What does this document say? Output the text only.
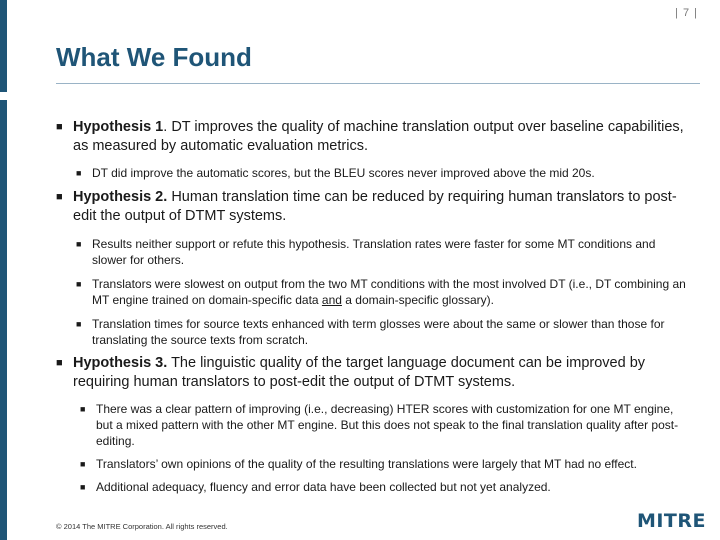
| 7 |
What We Found
■ Hypothesis 1. DT improves the quality of machine translation output over baseline capabilities, as measured by automatic evaluation metrics.
■ DT did improve the automatic scores, but the BLEU scores never improved above the mid 20s.
■ Hypothesis 2. Human translation time can be reduced by requiring human translators to post-edit the output of DTMT systems.
■ Results neither support or refute this hypothesis. Translation rates were faster for some MT conditions and slower for others.
■ Translators were slowest on output from the two MT conditions with the most involved DT (i.e., DT combining an MT engine trained on domain-specific data and a domain-specific glossary).
■ Translation times for source texts enhanced with term glosses were about the same or slower than those for translating the source texts from scratch.
■ Hypothesis 3. The linguistic quality of the target language document can be improved by requiring human translators to post-edit the output of DTMT systems.
■ There was a clear pattern of improving (i.e., decreasing) HTER scores with customization for one MT engine, but a mixed pattern with the other MT engine. But this does not speak to the final translation quality after post-editing.
■ Translators’ own opinions of the quality of the resulting translations were largely that MT had no effect.
■ Additional adequacy, fluency and error data have been collected but not yet analyzed.
© 2014 The MITRE Corporation. All rights reserved.	MITRE
